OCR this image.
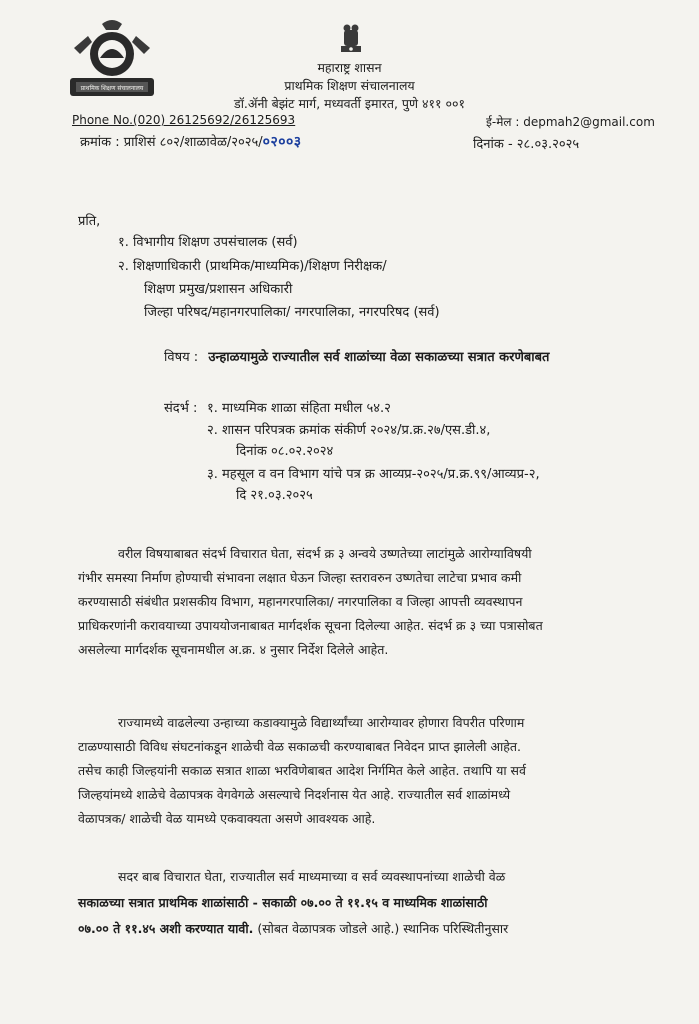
प्राथमिक शिक्षण संचालनालय
महाराष्ट्र शासन
प्राथमिक शिक्षण संचालनालय
डॉ.ॲनी बेझंट मार्ग, मध्यवर्ती इमारत, पुणे ४११ ००१
Phone No.(020) 26125692/26125693	ई-मेल : depmah2@gmail.com
क्रमांक : प्राशिसं ८०२/शाळावेळ/२०२५/०२००३	दिनांक - २८.०३.२०२५
प्रति,
१. विभागीय शिक्षण उपसंचालक (सर्व)
२. शिक्षणाधिकारी (प्राथमिक/माध्यमिक)/शिक्षण निरीक्षक/
शिक्षण प्रमुख/प्रशासन अधिकारी
जिल्हा परिषद/महानगरपालिका/ नगरपालिका, नगरपरिषद (सर्व)
विषय : उन्हाळयामुळे राज्यातील सर्व शाळांच्या वेळा सकाळच्या सत्रात करणेबाबत
संदर्भ : १. माध्यमिक शाळा संहिता मधील ५४.२
२. शासन परिपत्रक क्रमांक संकीर्ण २०२४/प्र.क्र.२७/एस.डी.४,
दिनांक ०८.०२.२०२४
३. महसूल व वन विभाग यांचे पत्र क्र आव्यप्र-२०२५/प्र.क्र.९९/आव्यप्र-२,
दि २१.०३.२०२५
वरील विषयाबाबत संदर्भ विचारात घेता, संदर्भ क्र ३ अन्वये उष्णतेच्या लाटांमुळे आरोग्याविषयी
गंभीर समस्या निर्माण होण्याची संभावना लक्षात घेऊन जिल्हा स्तरावरुन उष्णतेचा लाटेचा प्रभाव कमी
करण्यासाठी संबंधीत प्रशसकीय विभाग, महानगरपालिका/ नगरपालिका व जिल्हा आपत्ती व्यवस्थापन
प्राधिकरणांनी करावयाच्या उपाययोजनाबाबत मार्गदर्शक सूचना दिलेल्या आहेत. संदर्भ क्र ३ च्या पत्रासोबत
असलेल्या मार्गदर्शक सूचनामधील अ.क्र. ४ नुसार निर्देश दिलेले आहेत.
राज्यामध्ये वाढलेल्या उन्हाच्या कडाक्यामुळे विद्यार्थ्यांच्या आरोग्यावर होणारा विपरीत परिणाम
टाळण्यासाठी विविध संघटनांकडून शाळेची वेळ सकाळची करण्याबाबत निवेदन प्राप्त झालेली आहेत.
तसेच काही जिल्हयांनी सकाळ सत्रात शाळा भरविणेबाबत आदेश निर्गमित केले आहेत. तथापि या सर्व
जिल्हयांमध्ये शाळेचे वेळापत्रक वेगवेगळे असल्याचे निदर्शनास येत आहे. राज्यातील सर्व शाळांमध्ये
वेळापत्रक/ शाळेची वेळ यामध्ये एकवाक्यता असणे आवश्यक आहे.
सदर बाब विचारात घेता, राज्यातील सर्व माध्यमाच्या व सर्व व्यवस्थापनांच्या शाळेची वेळ
सकाळच्या सत्रात प्राथमिक शाळांसाठी - सकाळी ०७.०० ते ११.१५ व माध्यमिक शाळांसाठी
०७.०० ते ११.४५ अशी करण्यात यावी. (सोबत वेळापत्रक जोडले आहे.) स्थानिक परिस्थितीनुसार
